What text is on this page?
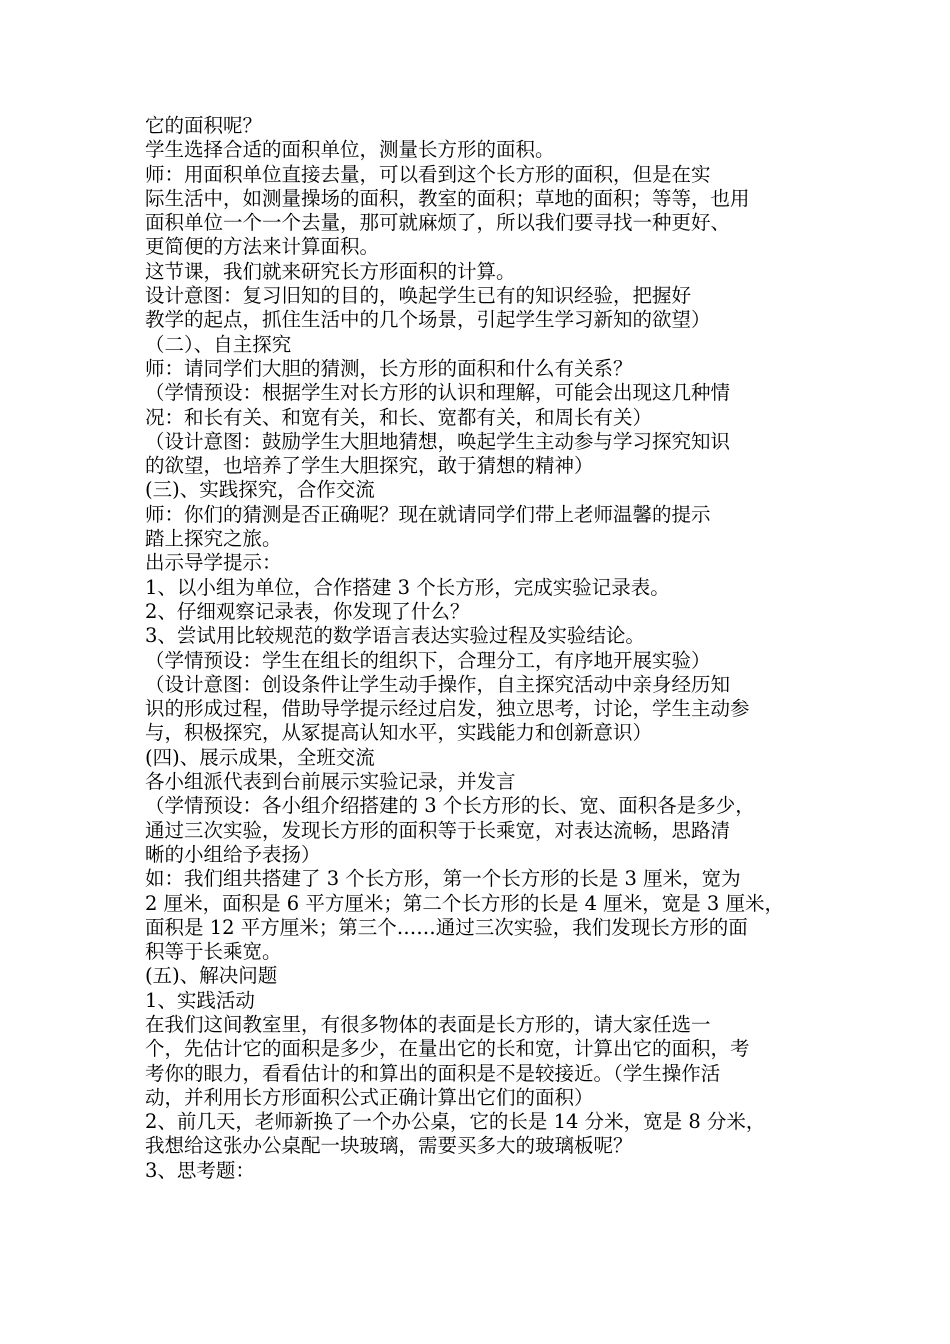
它的面积呢？
学生选择合适的面积单位，测量长方形的面积。
师：用面积单位直接去量，可以看到这个长方形的面积，但是在实
际生活中，如测量操场的面积，教室的面积；草地的面积；等等，也用
面积单位一个一个去量，那可就麻烦了，所以我们要寻找一种更好、
更简便的方法来计算面积。
这节课，我们就来研究长方形面积的计算。
设计意图：复习旧知的目的，唤起学生已有的知识经验，把握好
教学的起点，抓住生活中的几个场景，引起学生学习新知的欲望）
（二）、自主探究
师：请同学们大胆的猜测，长方形的面积和什么有关系？
（学情预设：根据学生对长方形的认识和理解，可能会出现这几种情
况：和长有关、和宽有关，和长、宽都有关，和周长有关）
（设计意图：鼓励学生大胆地猜想，唤起学生主动参与学习探究知识
的欲望，也培养了学生大胆探究，敢于猜想的精神）
(三)、实践探究，合作交流
师：你们的猜测是否正确呢？现在就请同学们带上老师温馨的提示
踏上探究之旅。
出示导学提示：
1、以小组为单位，合作搭建 3 个长方形，完成实验记录表。
2、仔细观察记录表，你发现了什么？
3、尝试用比较规范的数学语言表达实验过程及实验结论。
（学情预设：学生在组长的组织下，合理分工，有序地开展实验）
（设计意图：创设条件让学生动手操作，自主探究活动中亲身经历知
识的形成过程，借助导学提示经过启发，独立思考，讨论，学生主动参
与，积极探究，从冢提高认知水平，实践能力和创新意识）
(四)、展示成果，全班交流
各小组派代表到台前展示实验记录，并发言
（学情预设：各小组介绍搭建的 3 个长方形的长、宽、面积各是多少，
通过三次实验，发现长方形的面积等于长乘宽，对表达流畅，思路清
晰的小组给予表扬）
如：我们组共搭建了 3 个长方形，第一个长方形的长是 3 厘米，宽为
2 厘米，面积是 6 平方厘米；第二个长方形的长是 4 厘米，宽是 3 厘米，
面积是 12 平方厘米；第三个……通过三次实验，我们发现长方形的面
积等于长乘宽。
(五)、解决问题
1、实践活动
在我们这间教室里，有很多物体的表面是长方形的，请大家任选一
个，先估计它的面积是多少，在量出它的长和宽，计算出它的面积，考
考你的眼力，看看估计的和算出的面积是不是较接近。（学生操作活
动，并利用长方形面积公式正确计算出它们的面积）
2、前几天，老师新换了一个办公桌，它的长是 14 分米，宽是 8 分米，
我想给这张办公桌配一块玻璃，需要买多大的玻璃板呢？
3、思考题：
